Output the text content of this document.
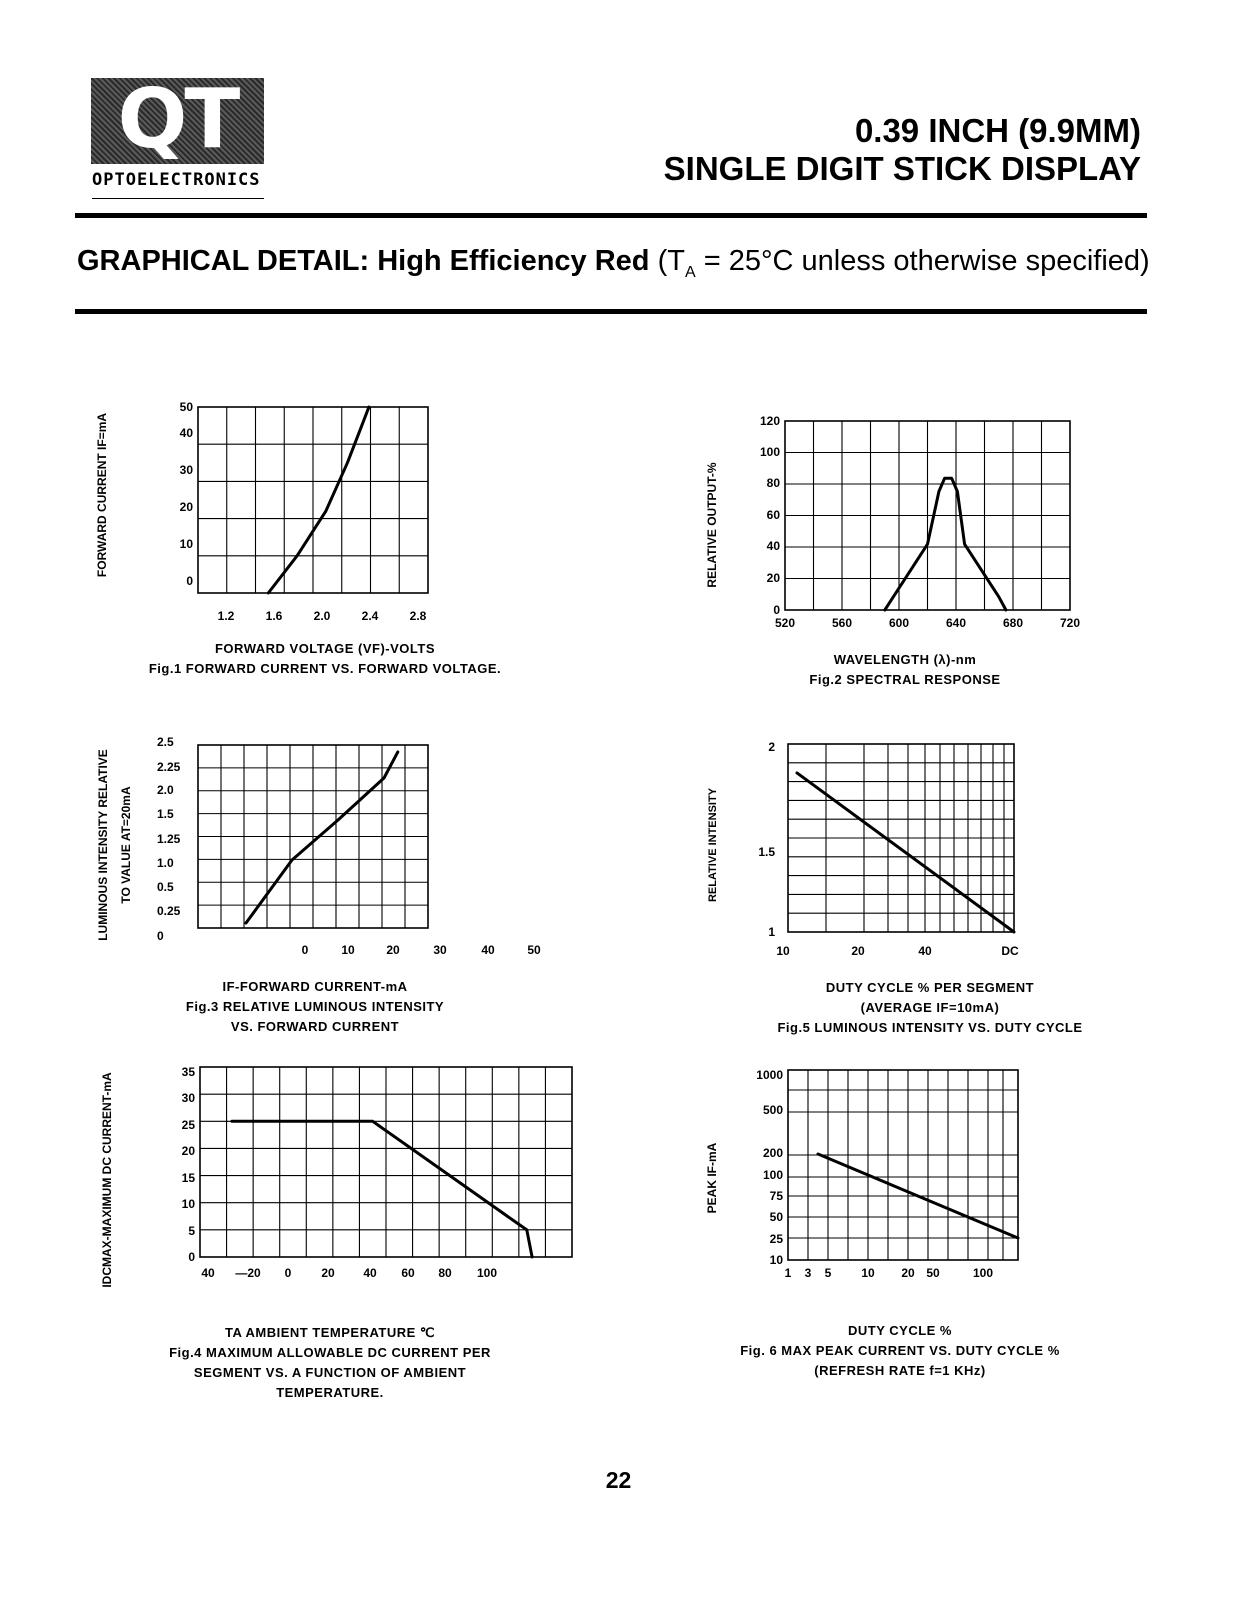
QT
OPTOELECTRONICS
0.39 INCH (9.9MM)
SINGLE DIGIT STICK DISPLAY
GRAPHICAL DETAIL: High Efficiency Red ($T_A = 25^\circ C$ unless otherwise specified)
1.2	1.6	2.0	2.4	2.8
0
10
20
30
40
50
FORWARD CURRENT IF=mA
520	560	600	640	680	720
0
20
40
60
80
100
120
RELATIVE OUTPUT-%
0	10	20	30	40	50
2.5
2.25
2.0
1.5
1.25
1.0
0.5
0.25
0
LUMINOUS INTENSITY RELATIVE TO VALUE AT=20mA
10	20	40	DC
1
1.5
2
RELATIVE INTENSITY
40 —20 0 20 40 60 80 100
0
5
10
15
20
25
30
35
IDCMAX-MAXIMUM DC CURRENT-mA	1 3 5 10 20 50	100
10
25
50
75
100
200
500
1000
PEAK IF-mA
FORWARD VOLTAGE (VF)-VOLTS
Fig.1 FORWARD CURRENT VS. FORWARD VOLTAGE.
WAVELENGTH (λ)-nm
Fig.2 SPECTRAL RESPONSE
IF-FORWARD CURRENT-mA
Fig.3 RELATIVE LUMINOUS INTENSITY
VS. FORWARD CURRENT
DUTY CYCLE % PER SEGMENT
(AVERAGE IF=10mA)
Fig.5 LUMINOUS INTENSITY VS. DUTY CYCLE
TA AMBIENT TEMPERATURE ℃
Fig.4 MAXIMUM ALLOWABLE DC CURRENT PER
SEGMENT VS. A FUNCTION OF AMBIENT
TEMPERATURE.
DUTY CYCLE %
Fig. 6 MAX PEAK CURRENT VS. DUTY CYCLE %
(REFRESH RATE f=1 KHz)
22
